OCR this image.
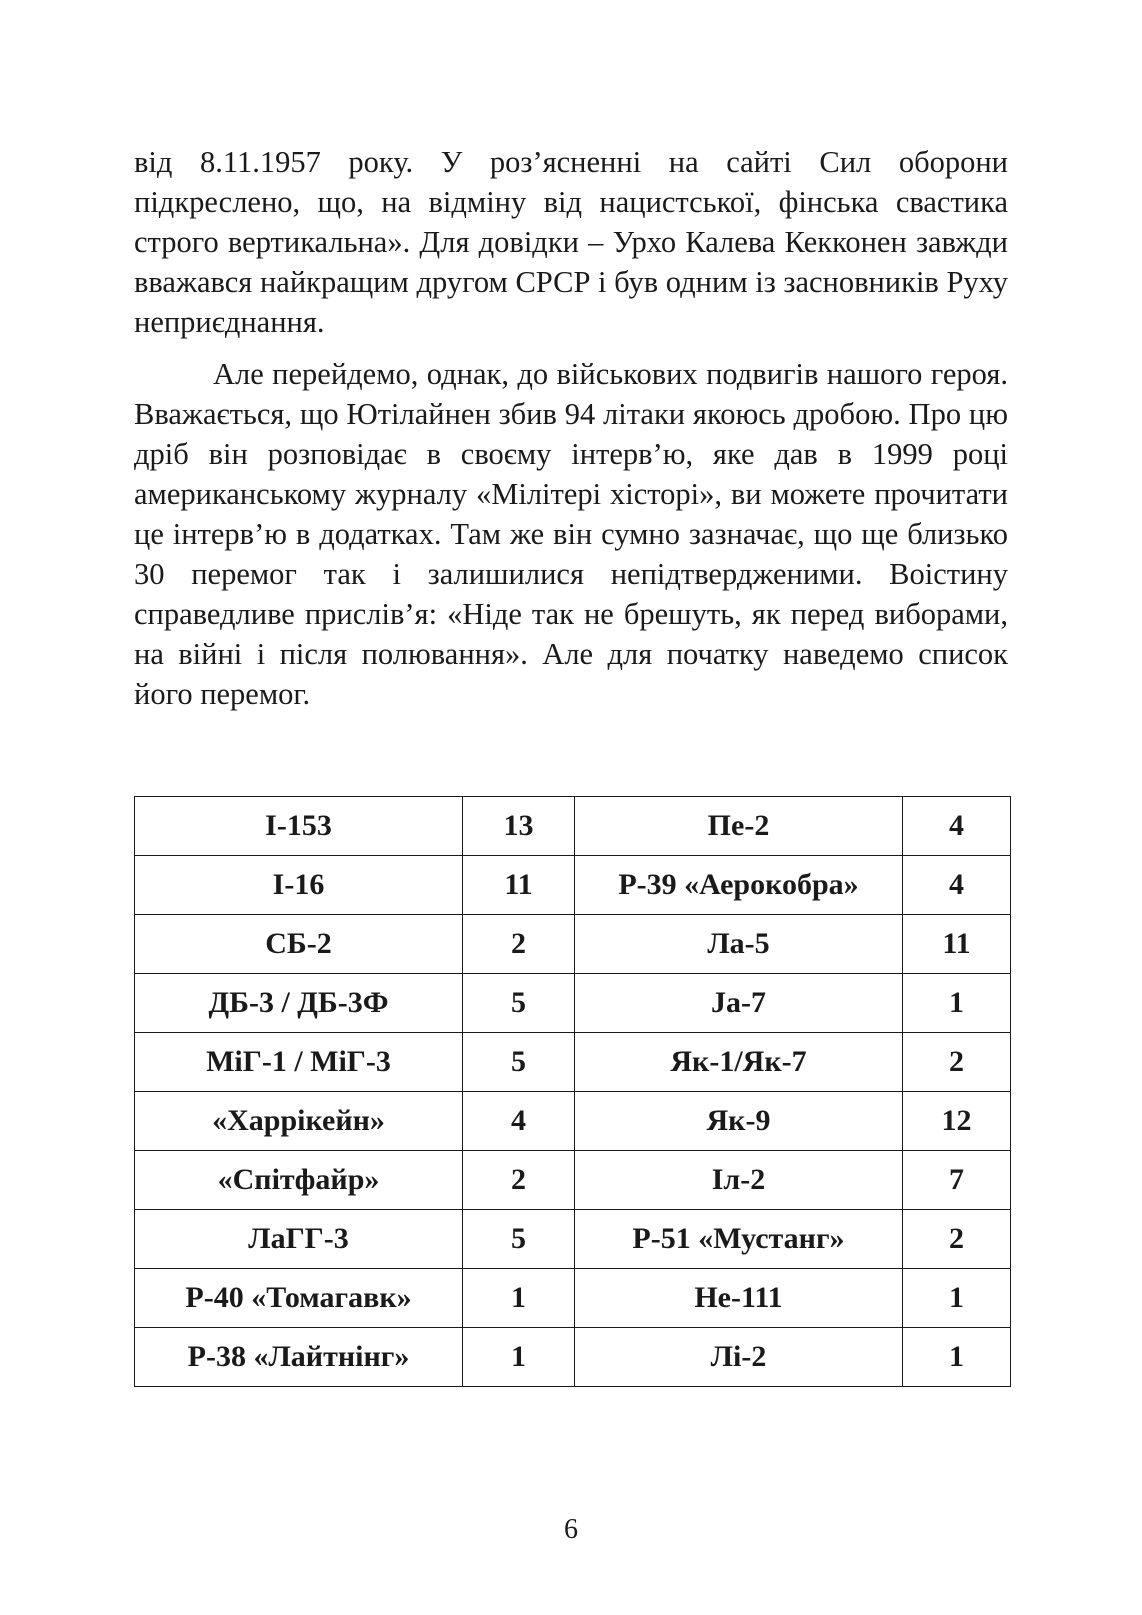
від 8.11.1957 року. У роз’ясненні на сайті Сил оборони підкреслено, що, на відміну від нацистської, фінська свастика строго вертикальна». Для довідки – Урхо Калева Кекконен завжди вважався найкращим другом СРСР і був одним із засновників Руху неприєднання.

Але перейдемо, однак, до військових подвигів нашого героя. Вважається, що Ютілайнен збив 94 літаки якоюсь дробою. Про цю дріб він розповідає в своєму інтерв’ю, яке дав в 1999 році американському журналу «Мілітері хісторі», ви можете прочитати це інтерв’ю в додатках. Там же він сумно зазначає, що ще близько 30 перемог так і залишилися непідтвердженими. Воістину справедливе прислів’я: «Ніде так не брешуть, як перед виборами, на війні і після полювання». Але для початку наведемо список його перемог.

І-153	13	Пе-2	4
І-16	11	Р-39 «Аерокобра»	4
СБ-2	2	Ла-5	11
ДБ-3 / ДБ-3Ф	5	Ja-7	1
МіГ-1 / МіГ-3	5	Як-1/Як-7	2
«Харрікейн»	4	Як-9	12
«Спітфайр»	2	Іл-2	7
ЛаГГ-3	5	Р-51 «Мустанг»	2
Р-40 «Томагавк»	1	Не-111	1
Р-38 «Лайтнінг»	1	Лі-2	1
6
